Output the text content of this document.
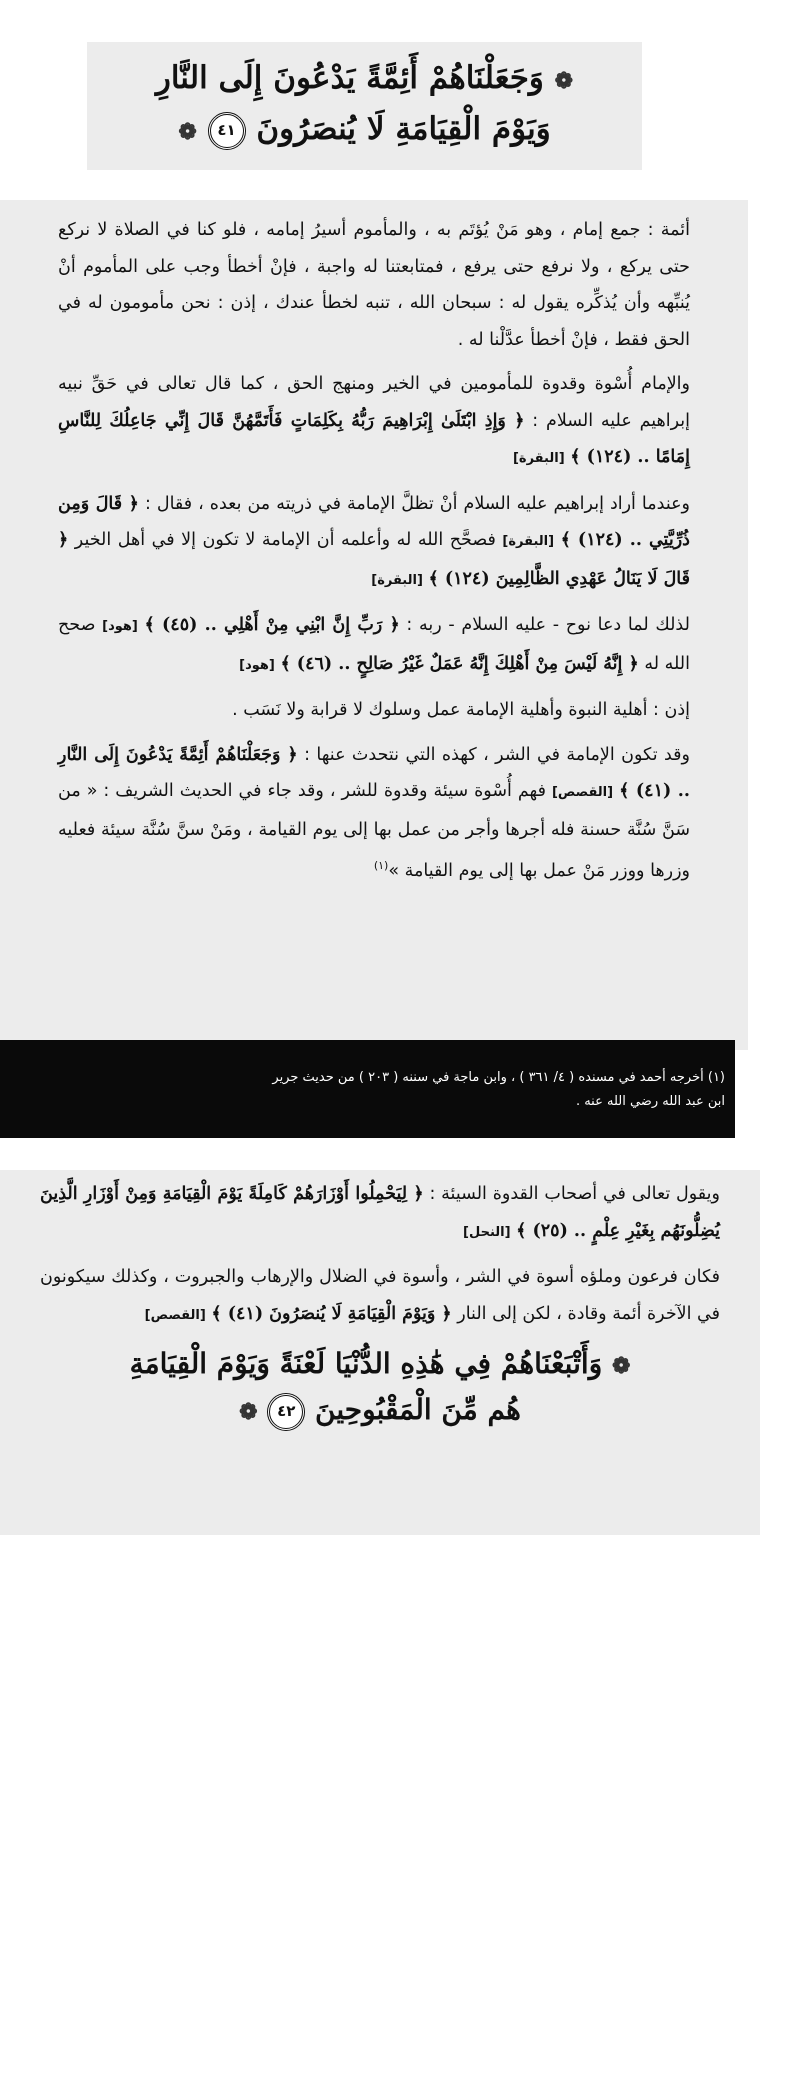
❁ وَجَعَلْنَاهُمْ أَئِمَّةً يَدْعُونَ إِلَى النَّارِ
وَيَوْمَ الْقِيَامَةِ لَا يُنصَرُونَ ٤١ ❁

أئمة : جمع إمام ، وهو مَنْ يُؤتَم به ، والمأموم أسيرُ إمامه ، فلو كنا في الصلاة لا نركع حتى يركع ، ولا نرفع حتى يرفع ، فمتابعتنا له واجبة ، فإنْ أخطأ وجب على المأموم أنْ يُنبِّهه وأن يُذكِّره يقول له : سبحان الله ، تنبه لخطأ عندك ، إذن : نحن مأمومون له في الحق فقط ، فإنْ أخطأ عدَّلْنا له .

والإمام أُسْوة وقدوة للمأمومين في الخير ومنهج الحق ، كما قال تعالى في حَقِّ نبيه إبراهيم عليه السلام : ﴿ وَإِذِ ابْتَلَىٰ إِبْرَاهِيمَ رَبُّهُ بِكَلِمَاتٍ فَأَتَمَّهُنَّ قَالَ إِنِّي جَاعِلُكَ لِلنَّاسِ إِمَامًا .. (١٢٤) ﴾ [البقرة]

وعندما أراد إبراهيم عليه السلام أنْ تظلَّ الإمامة في ذريته من بعده ، فقال : ﴿ قَالَ وَمِن ذُرِّيَّتِي .. (١٢٤) ﴾ [البقرة] فصحَّح الله له وأعلمه أن الإمامة لا تكون إلا في أهل الخير ﴿ قَالَ لَا يَنَالُ عَهْدِي الظَّالِمِينَ (١٢٤) ﴾ [البقرة]

لذلك لما دعا نوح - عليه السلام - ربه : ﴿ رَبِّ إِنَّ ابْنِي مِنْ أَهْلِي .. (٤٥) ﴾ [هود] صحح الله له ﴿ إِنَّهُ لَيْسَ مِنْ أَهْلِكَ إِنَّهُ عَمَلٌ غَيْرُ صَالِحٍ .. (٤٦) ﴾ [هود]

إذن : أهلية النبوة وأهلية الإمامة عمل وسلوك لا قرابة ولا نَسَب .

وقد تكون الإمامة في الشر ، كهذه التي نتحدث عنها : ﴿ وَجَعَلْنَاهُمْ أَئِمَّةً يَدْعُونَ إِلَى النَّارِ .. (٤١) ﴾ [القصص] فهم أُسْوة سيئة وقدوة للشر ، وقد جاء في الحديث الشريف : « من سَنَّ سُنَّة حسنة فله أجرها وأجر من عمل بها إلى يوم القيامة ، ومَنْ سنَّ سُنَّة سيئة فعليه وزرها ووزر مَنْ عمل بها إلى يوم القيامة »$^{(١)}$

(١) أخرجه أحمد في مسنده ( ٤/ ٣٦١ ) ، وابن ماجة في سننه ( ٢٠٣ ) من حديث جرير
ابن عبد الله رضي الله عنه .

ويقول تعالى في أصحاب القدوة السيئة : ﴿ لِيَحْمِلُوا أَوْزَارَهُمْ كَامِلَةً يَوْمَ الْقِيَامَةِ وَمِنْ أَوْزَارِ الَّذِينَ يُضِلُّونَهُم بِغَيْرِ عِلْمٍ .. (٢٥) ﴾ [النحل]

فكان فرعون وملؤه أسوة في الشر ، وأسوة في الضلال والإرهاب والجبروت ، وكذلك سيكونون في الآخرة أئمة وقادة ، لكن إلى النار ﴿ وَيَوْمَ الْقِيَامَةِ لَا يُنصَرُونَ (٤١) ﴾ [القصص]

❁ وَأَتْبَعْنَاهُمْ فِي هَٰذِهِ الدُّنْيَا لَعْنَةً وَيَوْمَ الْقِيَامَةِ
هُم مِّنَ الْمَقْبُوحِينَ ٤٢ ❁
